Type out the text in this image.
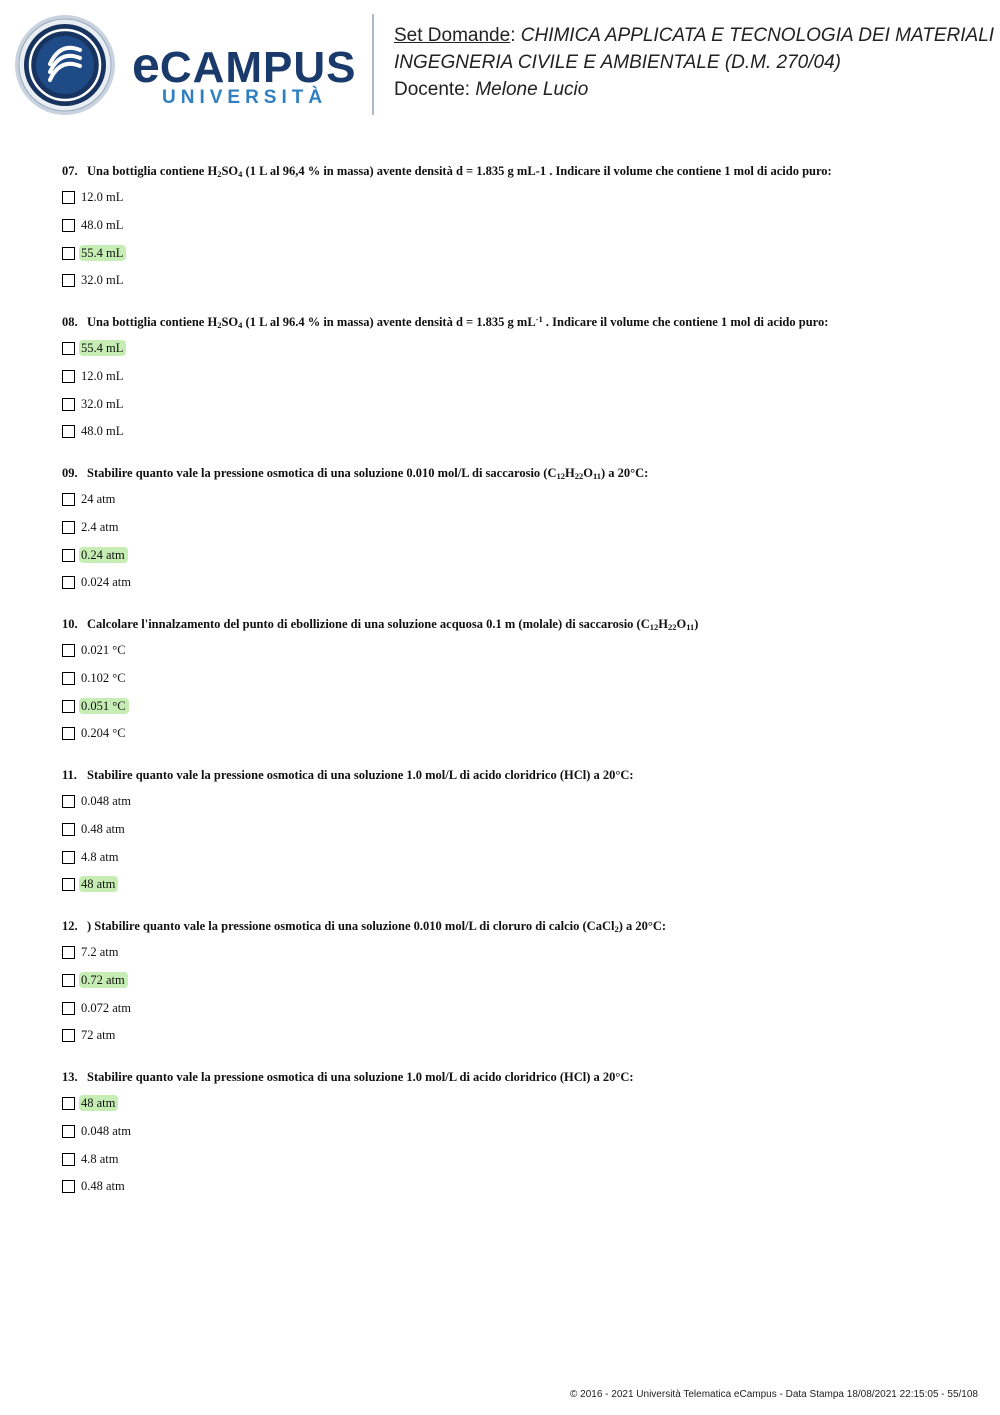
eCAMPUS
UNIVERSITÀ
Set Domande: CHIMICA APPLICATA E TECNOLOGIA DEI MATERIALI
INGEGNERIA CIVILE E AMBIENTALE (D.M. 270/04)
Docente: Melone Lucio
07. Una bottiglia contiene $H_2SO_4$ (1 L al 96,4 % in massa) avente densità d = 1.835 g mL-1 . Indicare il volume che contiene 1 mol di acido puro:
12.0 mL
48.0 mL
55.4 mL
32.0 mL
08. Una bottiglia contiene $H_2SO_4$ (1 L al 96.4 % in massa) avente densità d = 1.835 g $mL^{-1}$ . Indicare il volume che contiene 1 mol di acido puro:
55.4 mL
12.0 mL
32.0 mL
48.0 mL
09. Stabilire quanto vale la pressione osmotica di una soluzione 0.010 mol/L di saccarosio $(C_{12}H_{22}O_{11})$ a 20°C:
24 atm
2.4 atm
0.24 atm
0.024 atm
10. Calcolare l'innalzamento del punto di ebollizione di una soluzione acquosa 0.1 m (molale) di saccarosio $(C_{12}H_{22}O_{11})$
0.021 °C
0.102 °C
0.051 °C
0.204 °C
11. Stabilire quanto vale la pressione osmotica di una soluzione 1.0 mol/L di acido cloridrico (HCl) a 20°C:
0.048 atm
0.48 atm
4.8 atm
48 atm
12. ) Stabilire quanto vale la pressione osmotica di una soluzione 0.010 mol/L di cloruro di calcio (CaCl$_2$) a 20°C:
7.2 atm
0.72 atm
0.072 atm
72 atm
13. Stabilire quanto vale la pressione osmotica di una soluzione 1.0 mol/L di acido cloridrico (HCl) a 20°C:
48 atm
0.048 atm
4.8 atm
0.48 atm
© 2016 - 2021 Università Telematica eCampus - Data Stampa 18/08/2021 22:15:05 - 55/108
